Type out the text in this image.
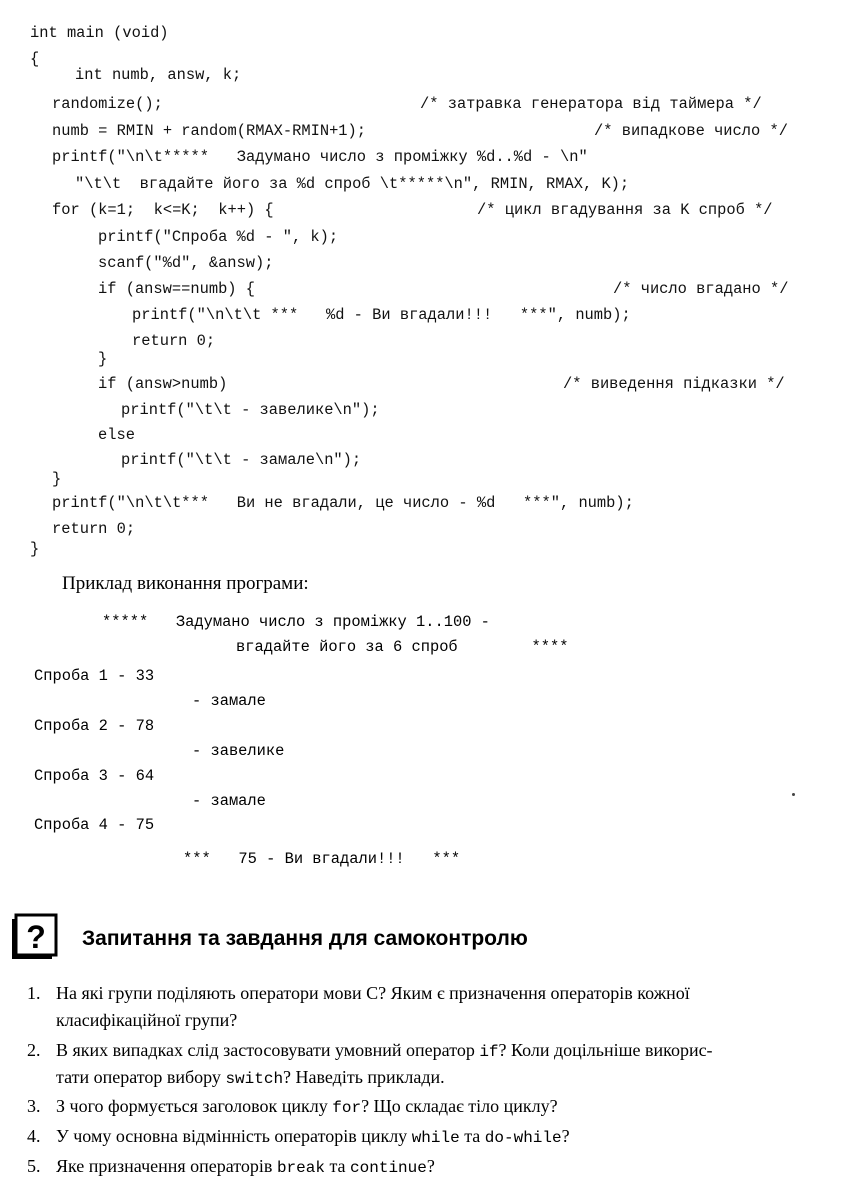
int main (void)
{
int numb, answ, k;
randomize();	/* затравка генератора від таймера */
numb = RMIN + random(RMAX-RMIN+1);	/* випадкове число */
printf("\n\t*****   Задумано число з проміжку %d..%d - \n"
"\t\t  вгадайте його за %d спроб \t*****\n", RMIN, RMAX, K);
for (k=1;  k<=K;  k++) {	/* цикл вгадування за K спроб */
printf("Спроба %d - ", k);
scanf("%d", &answ);
if (answ==numb) {	/* число вгадано */
printf("\n\t\t ***   %d - Ви вгадали!!!   ***", numb);
return 0;
}
if (answ>numb)	/* виведення підказки */
printf("\t\t - завелике\n");
else
printf("\t\t - замале\n");
}
printf("\n\t\t***   Ви не вгадали, це число - %d   ***", numb);
return 0;
}
Приклад виконання програми:
*****   Задумано число з проміжку 1..100 -
вгадайте його за 6 спроб        ****
Спроба 1 - 33
- замале
Спроба 2 - 78
- завелике
Спроба 3 - 64
- замале
Спроба 4 - 75
***   75 - Ви вгадали!!!   ***
? Запитання та завдання для самоконтролю
1. На які групи поділяють оператори мови С? Яким є призначення операторів кожної
класифікаційної групи?
2. В яких випадках слід застосовувати умовний оператор if? Коли доцільніше викорис-
тати оператор вибору switch? Наведіть приклади.
3. З чого формується заголовок циклу for? Що складає тіло циклу?
4. У чому основна відмінність операторів циклу while та do-while?
5. Яке призначення операторів break та continue?
